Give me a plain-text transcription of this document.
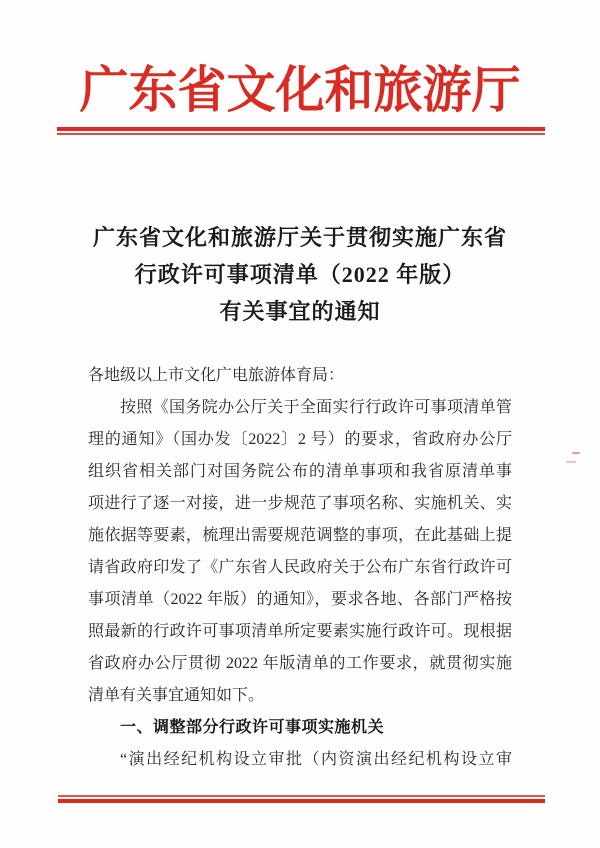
广东省文化和旅游厅
广东省文化和旅游厅关于贯彻实施广东省
行政许可事项清单（2022 年版）
有关事宜的通知
各地级以上市文化广电旅游体育局：
按照《国务院办公厅关于全面实行行政许可事项清单管
理的通知》（国办发〔2022〕2 号）的要求，省政府办公厅
组织省相关部门对国务院公布的清单事项和我省原清单事
项进行了逐一对接，进一步规范了事项名称、实施机关、实
施依据等要素，梳理出需要规范调整的事项，在此基础上提
请省政府印发了《广东省人民政府关于公布广东省行政许可
事项清单（2022 年版）的通知》，要求各地、各部门严格按
照最新的行政许可事项清单所定要素实施行政许可。现根据
省政府办公厅贯彻 2022 年版清单的工作要求，就贯彻实施
清单有关事宜通知如下。
一、调整部分行政许可事项实施机关
“演出经纪机构设立审批（内资演出经纪机构设立审
